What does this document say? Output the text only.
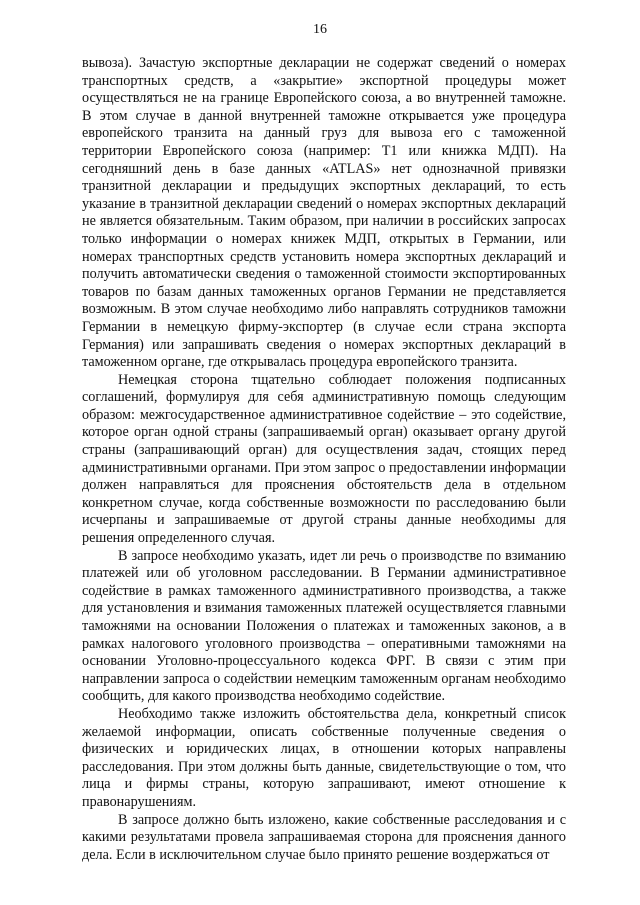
16

вывоза). Зачастую экспортные декларации не содержат сведений о номерах транспортных средств, а «закрытие» экспортной процедуры может осуществляться не на границе Европейского союза, а во внутренней таможне. В этом случае в данной внутренней таможне открывается уже процедура европейского транзита на данный груз для вывоза его с таможенной территории Европейского союза (например: Т1 или книжка МДП). На сегодняшний день в базе данных «ATLAS» нет однозначной привязки транзитной декларации и предыдущих экспортных деклараций, то есть указание в транзитной декларации сведений о номерах экспортных деклараций не является обязательным. Таким образом, при наличии в российских запросах только информации о номерах книжек МДП, открытых в Германии, или номерах транспортных средств установить номера экспортных деклараций и получить автоматически сведения о таможенной стоимости экспортированных товаров по базам данных таможенных органов Германии не представляется возможным. В этом случае необходимо либо направлять сотрудников таможни Германии в немецкую фирму-экспортер (в случае если страна экспорта Германия) или запрашивать сведения о номерах экспортных деклараций в таможенном органе, где открывалась процедура европейского транзита.

Немецкая сторона тщательно соблюдает положения подписанных соглашений, формулируя для себя административную помощь следующим образом: межгосударственное административное содействие – это содействие, которое орган одной страны (запрашиваемый орган) оказывает органу другой страны (запрашивающий орган) для осуществления задач, стоящих перед административными органами. При этом запрос о предоставлении информации должен направляться для прояснения обстоятельств дела в отдельном конкретном случае, когда собственные возможности по расследованию были исчерпаны и запрашиваемые от другой страны данные необходимы для решения определенного случая.

В запросе необходимо указать, идет ли речь о производстве по взиманию платежей или об уголовном расследовании. В Германии административное содействие в рамках таможенного административного производства, а также для установления и взимания таможенных платежей осуществляется главными таможнями на основании Положения о платежах и таможенных законов, а в рамках налогового уголовного производства – оперативными таможнями на основании Уголовно-процессуального кодекса ФРГ. В связи с этим при направлении запроса о содействии немецким таможенным органам необходимо сообщить, для какого производства необходимо содействие.

Необходимо также изложить обстоятельства дела, конкретный список желаемой информации, описать собственные полученные сведения о физических и юридических лицах, в отношении которых направлены расследования. При этом должны быть данные, свидетельствующие о том, что лица и фирмы страны, которую запрашивают, имеют отношение к правонарушениям.

В запросе должно быть изложено, какие собственные расследования и с какими результатами провела запрашиваемая сторона для прояснения данного дела. Если в исключительном случае было принято решение воздержаться от
